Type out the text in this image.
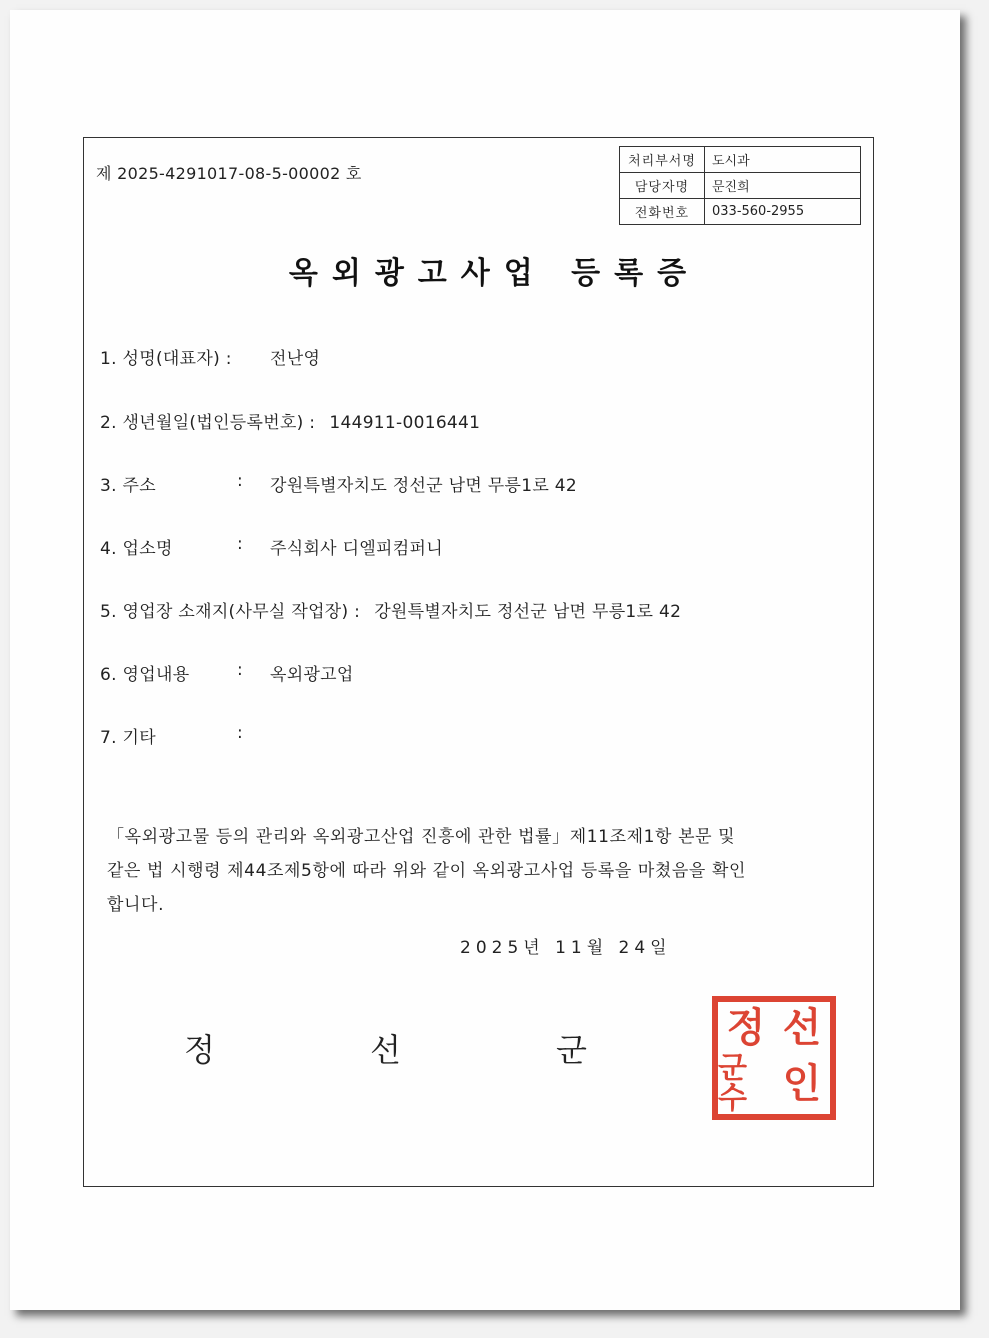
제 2025-4291017-08-5-00002 호
처리부서명	도시과
담당자명	문진희
전화번호	033-560-2955
옥외광고사업 등록증
1. 성명(대표자) : 전난영
2. 생년월일(법인등록번호) : 144911-0016441
3. 주소	: 강원특별자치도 정선군 남면 무릉1로 42
4. 업소명	: 주식회사 디엘피컴퍼니
5. 영업장 소재지(사무실 작업장) : 강원특별자치도 정선군 남면 무릉1로 42
6. 영업내용	: 옥외광고업
7. 기타	:

「옥외광고물 등의 관리와 옥외광고산업 진흥에 관한 법률」제11조제1항 본문 및

같은 법 시행령 제44조제5항에 따라 위와 같이 옥외광고사업 등록을 마쳤음을 확인

합니다.

2025년 11월 24일
정	선	군	정 선
군수 인
